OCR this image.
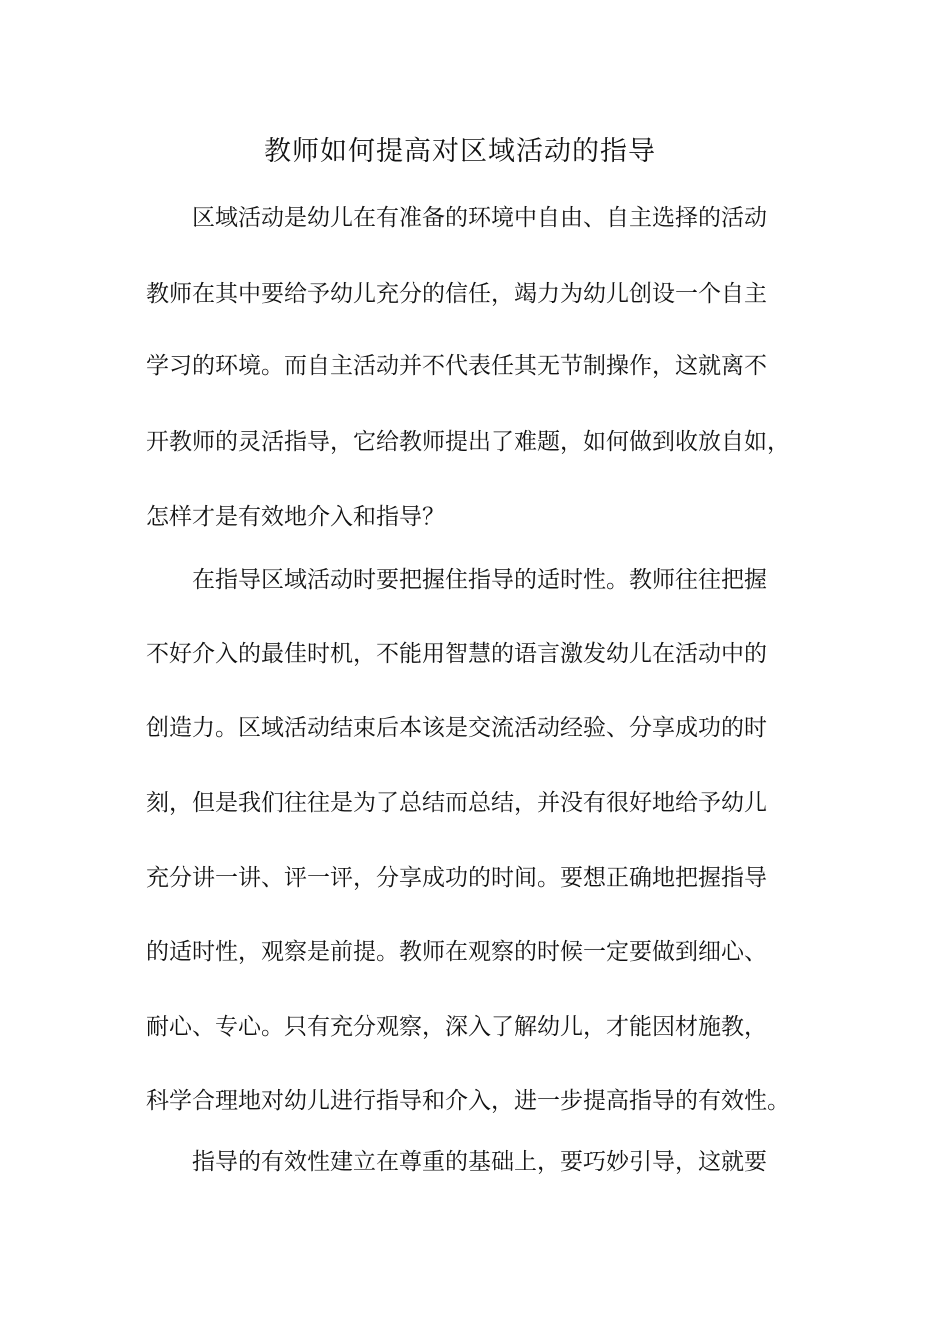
教师如何提高对区域活动的指导
区域活动是幼儿在有准备的环境中自由、自主选择的活动
教师在其中要给予幼儿充分的信任，竭力为幼儿创设一个自主
学习的环境。而自主活动并不代表任其无节制操作，这就离不
开教师的灵活指导，它给教师提出了难题，如何做到收放自如，
怎样才是有效地介入和指导？
在指导区域活动时要把握住指导的适时性。教师往往把握
不好介入的最佳时机，不能用智慧的语言激发幼儿在活动中的
创造力。区域活动结束后本该是交流活动经验、分享成功的时
刻，但是我们往往是为了总结而总结，并没有很好地给予幼儿
充分讲一讲、评一评，分享成功的时间。要想正确地把握指导
的适时性，观察是前提。教师在观察的时候一定要做到细心、
耐心、专心。只有充分观察，深入了解幼儿，才能因材施教，
科学合理地对幼儿进行指导和介入，进一步提高指导的有效性。
指导的有效性建立在尊重的基础上，要巧妙引导，这就要
